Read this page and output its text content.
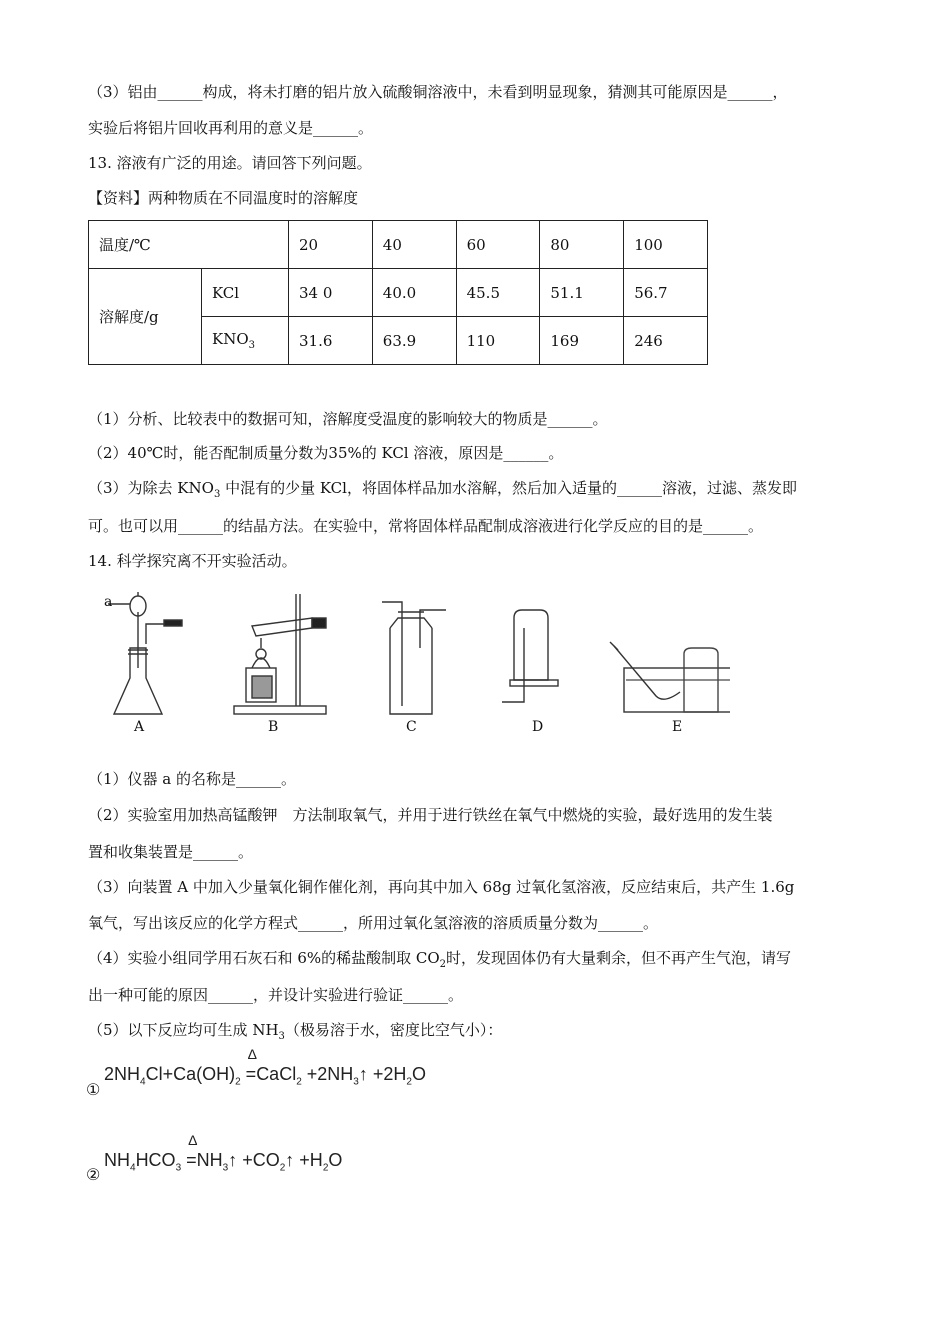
（3）铝由______构成，将未打磨的铝片放入硫酸铜溶液中，未看到明显现象，猜测其可能原因是______，
实验后将铝片回收再利用的意义是______。
13. 溶液有广泛的用途。请回答下列问题。
【资料】两种物质在不同温度时的溶解度
温度/℃		20	40	60	80	100
溶解度/g	KCl	34 0	40.0	45.5	51.1	56.7
	$KNO_3$	31.6	63.9	110	169	246
（1）分析、比较表中的数据可知，溶解度受温度的影响较大的物质是______。
（2）40℃时，能否配制质量分数为35%的 KCl 溶液，原因是______。
（3）为除去 $KNO_3$ 中混有的少量 KCl，将固体样品加水溶解，然后加入适量的______溶液，过滤、蒸发即
可。也可以用______的结晶方法。在实验中，常将固体样品配制成溶液进行化学反应的目的是______。
14. 科学探究离不开实验活动。
a
A	B	C	D	E
（1）仪器 a 的名称是______。
（2）实验室用加热高锰酸钾　方法制取氧气，并用于进行铁丝在氧气中燃烧的实验，最好选用的发生装
置和收集装置是______。
（3）向装置 A 中加入少量氧化铜作催化剂，再向其中加入 68g 过氧化氢溶液，反应结束后，共产生 1.6g
氧气，写出该反应的化学方程式______，所用过氧化氢溶液的溶质质量分数为______。
（4）实验小组同学用石灰石和 6%的稀盐酸制取 $CO_2$时，发现固体仍有大量剩余，但不再产生气泡，请写
出一种可能的原因______，并设计实验进行验证______。
（5）以下反应均可生成 $NH_3$（极易溶于水，密度比空气小）：
①
$2NH_4Cl+Ca(OH)_2$
Δ
=CaCl$_2$ $+2NH_3↑ +2H_2O$
②
$NH_4HCO_3$
Δ
$=NH_3↑$ $+CO_2↑ +H_2O$
